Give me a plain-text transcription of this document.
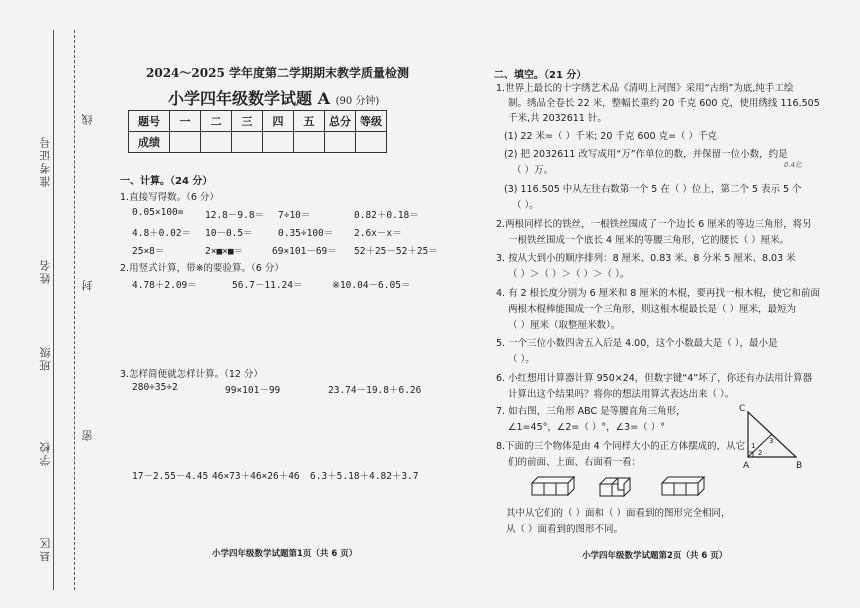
县区
学校
班级
姓名
准考证号
线
封
密
2024～2025 学年度第二学期期末教学质量检测
小学四年级数学试题 A (90 分钟)
题号	一	二	三	四	五	总分	等级
成绩							
一、计算。（24 分）
1.直接写得数。（6 分）
0.05×100= 12.8－9.8＝ 7÷10＝	0.82＋0.18＝
4.8＋0.02＝ 10－0.5＝	0.35÷100＝ 2.6x－x＝
25×8＝	2×■×■＝	69×101－69＝ 52＋25－52＋25＝
2.用竖式计算，带※的要验算。（6 分）
4.78＋2.09＝	56.7－11.24＝	※10.04－6.05＝
3.怎样简便就怎样计算。（12 分）
280÷35÷2	99×101－99	23.74－19.8＋6.26
17－2.55－4.45 46×73＋46×26＋46 6.3＋5.18＋4.82＋3.7
小学四年级数学试题第1页（共 6 页）
二、填空。（21 分）
1.世界上最长的十字绣艺术品《清明上河图》采用“古绢”为底,纯手工绘
制。绣品全卷长 22 米，整幅长重约 20 千克 600 克，使用绣线 116.505
千米,共 2032611 针。
(1) 22 米=（ ）千米; 20 千克 600 克=（ ）千克
(2) 把 2032611 改写成用“万”作单位的数，并保留一位小数，约是
0.4亿
（ ）万。
(3) 116.505 中从左往右数第一个 5 在（ ）位上，第二个 5 表示 5 个
（ ）。
2.两根同样长的铁丝，一根铁丝围成了一个边长 6 厘米的等边三角形，将另
一根铁丝围成一个底长 4 厘米的等腰三角形，它的腰长（ ）厘米。
3. 按从大到小的顺序排列：8 厘米、0.83 米、8 分米 5 厘米、8.03 米
（ ）＞（ ）＞（ ）＞（ ）。
4. 有 2 根长度分别为 6 厘米和 8 厘米的木棍，要再找一根木棍，使它和前面
两根木棍棒能围成一个三角形，则这根木棍最长是（ ）厘米，最短为
（ ）厘米（取整厘米数）。
5. 一个三位小数四舍五入后是 4.00，这个小数最大是（ ），最小是
（ ）。
6. 小红想用计算器计算 950×24，但数字键“4”坏了，你还有办法用计算器
计算出这个结果吗？将你的想法用算式表达出来（ ）。
7. 如右图，三角形 ABC 是等腰直角三角形，
∠1=45°，∠2=（ ）°，∠3=（ ）°
C
A	B
1
2
3
8.下面的三个物体是由 4 个同样大小的正方体摆成的，从它
们的前面、上面、右面看一看：
其中从它们的（ ）面和（ ）面看到的图形完全相同，
从（ ）面看到的图形不同。
小学四年级数学试题第2页（共 6 页）
